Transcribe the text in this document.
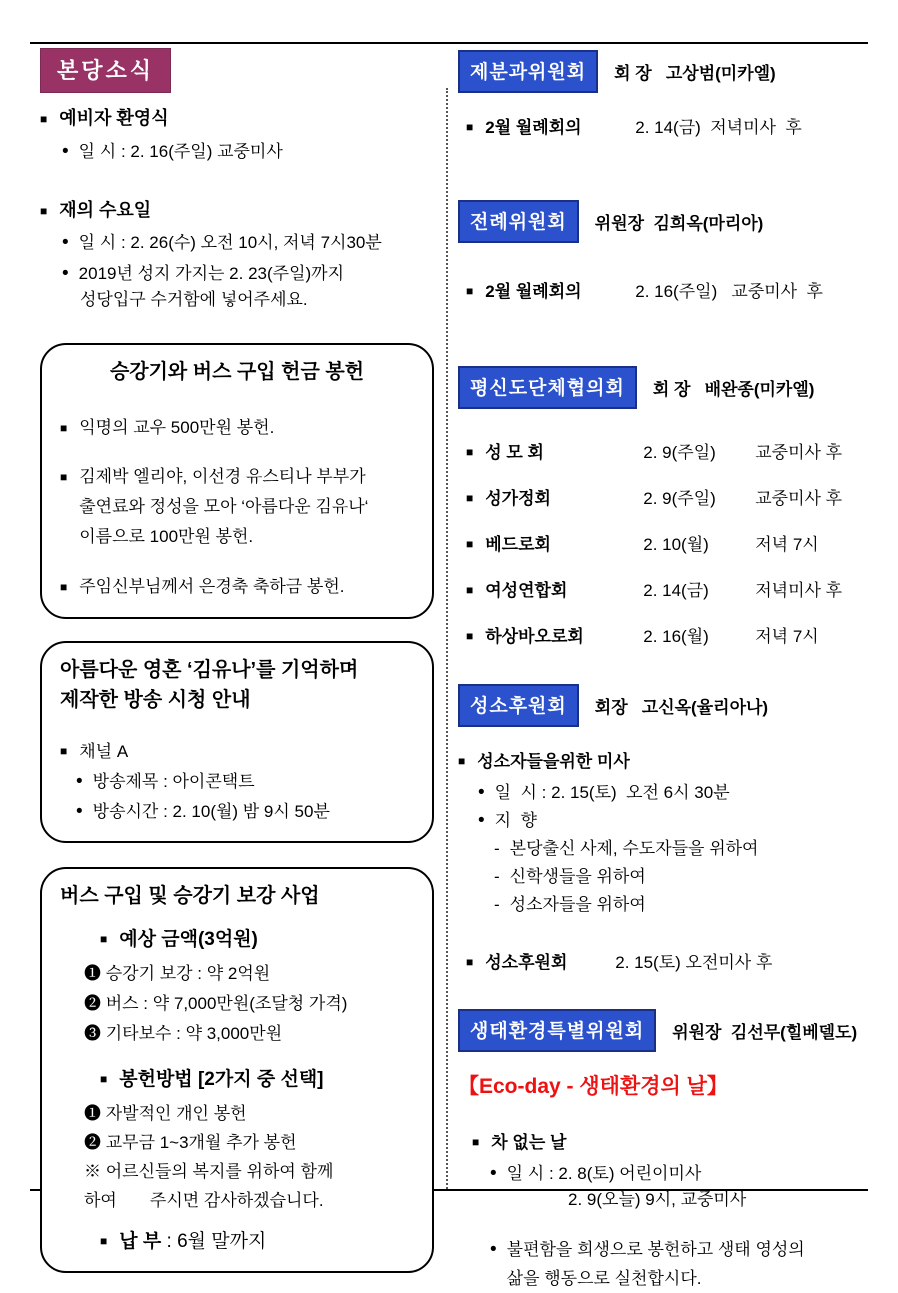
본당소식
■
예비자 환영식
•
일 시 : 2. 16(주일) 교중미사
■
재의 수요일
•
일 시 : 2. 26(수) 오전 10시, 저녁 7시30분
•
2019년 성지 가지는 2. 23(주일)까지
성당입구 수거함에 넣어주세요.
승강기와 버스 구입 헌금 봉헌
■
익명의 교우 500만원 봉헌.
■
김제박 엘리야, 이선경 유스티나 부부가
출연료와 정성을 모아 ‘아름다운 김유나‘
이름으로 100만원 봉헌.
■
주임신부님께서 은경축 축하금 봉헌.
아름다운 영혼 ‘김유나’를 기억하며
제작한 방송 시청 안내
■
채널 A
•
방송제목 : 아이콘택트
•
방송시간 : 2. 10(월) 밤 9시 50분
버스 구입 및 승강기 보강 사업
■
예상 금액(3억원)
❶ 승강기 보강 : 약 2억원
❷ 버스 : 약 7,000만원(조달청 가격)
❸ 기타보수 : 약 3,000만원
■
봉헌방법 [2가지 중 선택]
❶ 자발적인 개인 봉헌
❷ 교무금 1~3개월 추가 봉헌
※ 어르신들의 복지를 위하여 함께
하여       주시면 감사하겠습니다.
■
납 부 : 6월 말까지
제분과위원회	회 장   고상범(미카엘)
■
2월 월례회의	2. 14(금)  저녁미사  후
전례위원회	위원장  김희옥(마리아)
■
2월 월례회의	2. 16(주일)   교중미사  후
평신도단체협의회	회 장   배완종(미카엘)
■
성 모 회	2. 9(주일)	교중미사 후
■
성가정회	2. 9(주일)	교중미사 후
■
베드로회	2. 10(월)	저녁 7시
■
여성연합회	2. 14(금)	저녁미사 후
■
하상바오로회	2. 16(월)	저녁 7시
성소후원회	회장   고신옥(율리아나)
■
성소자들을위한 미사
•
일  시 : 2. 15(토)  오전 6시 30분
•
지  향
-
본당출신 사제, 수도자들을 위하여
-
신학생들을 위하여
-
성소자들을 위하여
■
성소후원회	2. 15(토) 오전미사 후
생태환경특별위원회	위원장  김선무(힐베델도)
【Eco-day - 생태환경의 날】
■
차 없는 날
•
일 시 : 2. 8(토) 어린이미사
2. 9(오늘) 9시, 교중미사
•
불편함을 희생으로 봉헌하고 생태 영성의
삶을 행동으로 실천합시다.
